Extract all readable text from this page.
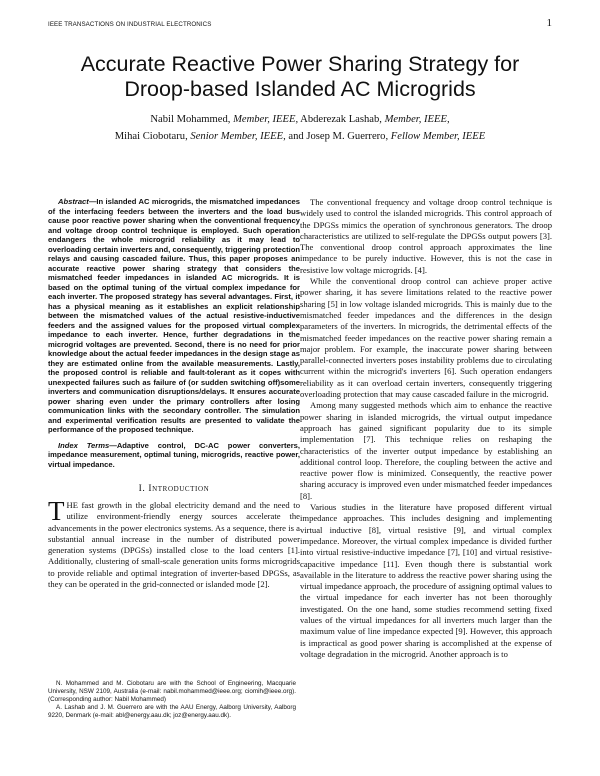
IEEE TRANSACTIONS ON INDUSTRIAL ELECTRONICS	1
Accurate Reactive Power Sharing Strategy for
Droop-based Islanded AC Microgrids
Nabil Mohammed, Member, IEEE, Abderezak Lashab, Member, IEEE,
Mihai Ciobotaru, Senior Member, IEEE, and Josep M. Guerrero, Fellow Member, IEEE

Abstract—In islanded AC microgrids, the mismatched impedances of the interfacing feeders between the inverters and the load bus cause poor reactive power sharing when the conventional frequency and voltage droop control technique is employed. Such operation endangers the whole microgrid reliability as it may lead to overloading certain inverters and, consequently, triggering protection relays and causing cascaded failure. Thus, this paper proposes an accurate reactive power sharing strategy that considers the mismatched feeder impedances in islanded AC microgrids. It is based on the optimal tuning of the virtual complex impedance for each inverter. The proposed strategy has several advantages. First, it has a physical meaning as it establishes an explicit relationship between the mismatched values of the actual resistive-inductive feeders and the assigned values for the proposed virtual complex impedance to each inverter. Hence, further degradations in the microgrid voltages are prevented. Second, there is no need for prior knowledge about the actual feeder impedances in the design stage as they are estimated online from the available measurements. Lastly, the proposed control is reliable and fault-tolerant as it copes with unexpected failures such as failure of (or sudden switching off)some inverters and communication disruptions/delays. It ensures accurate power sharing even under the primary controllers after losing communication links with the secondary controller. The simulation and experimental verification results are presented to validate the performance of the proposed technique.

Index Terms—Adaptive control, DC-AC power converters, impedance measurement, optimal tuning, microgrids, reactive power, virtual impedance.

I. Introduction

THE fast growth in the global electricity demand and the need to utilize environment-friendly energy sources accelerate the advancements in the power electronics systems. As a sequence, there is a substantial annual increase in the number of distributed power generation systems (DPGSs) installed close to the load centers [1]. Additionally, clustering of small-scale generation units forms microgrids to provide reliable and optimal integration of inverter-based DPGSs, as they can be operated in the grid-connected or islanded mode [2].

N. Mohammed and M. Ciobotaru are with the School of Engineering, Macquarie University, NSW 2109, Australia (e-mail: nabil.mohammed@ieee.org; ciomih@ieee.org). (Corresponding author: Nabil Mohammed)

A. Lashab and J. M. Guerrero are with the AAU Energy, Aalborg University, Aalborg 9220, Denmark (e-mail: abl@energy.aau.dk; joz@energy.aau.dk).

The conventional frequency and voltage droop control technique is widely used to control the islanded microgrids. This control approach of the DPGSs mimics the operation of synchronous generators. The droop characteristics are utilized to self-regulate the DPGSs output powers [3]. The conventional droop control approach approximates the line impedance to be purely inductive. However, this is not the case in resistive low voltage microgrids. [4].

While the conventional droop control can achieve proper active power sharing, it has severe limitations related to the reactive power sharing [5] in low voltage islanded microgrids. This is mainly due to the mismatched feeder impedances and the differences in the design parameters of the inverters. In microgrids, the detrimental effects of the mismatched feeder impedances on the reactive power sharing remain a major problem. For example, the inaccurate power sharing between parallel-connected inverters poses instability problems due to circulating current within the microgrid's inverters [6]. Such operation endangers reliability as it can overload certain inverters, consequently triggering overloading protection that may cause cascaded failure in the microgrid.

Among many suggested methods which aim to enhance the reactive power sharing in islanded microgrids, the virtual output impedance approach has gained significant popularity due to its simple implementation [7]. This technique relies on reshaping the characteristics of the inverter output impedance by establishing an additional control loop. Therefore, the coupling between the active and reactive power flow is minimized. Consequently, the reactive power sharing accuracy is improved even under mismatched feeder impedances [8].

Various studies in the literature have proposed different virtual impedance approaches. This includes designing and implementing virtual inductive [8], virtual resistive [9], and virtual complex impedance. Moreover, the virtual complex impedance is divided further into virtual resistive-inductive impedance [7], [10] and virtual resistive-capacitive impedance [11]. Even though there is substantial work available in the literature to address the reactive power sharing using the virtual impedance approach, the procedure of assigning optimal values to the virtual impedance for each inverter has not been thoroughly investigated. On the one hand, some studies recommend setting fixed values of the virtual impedances for all inverters much larger than the maximum value of line impedance expected [9]. However, this approach is impractical as good power sharing is accomplished at the expense of voltage degradation in the microgrid. Another approach is to
